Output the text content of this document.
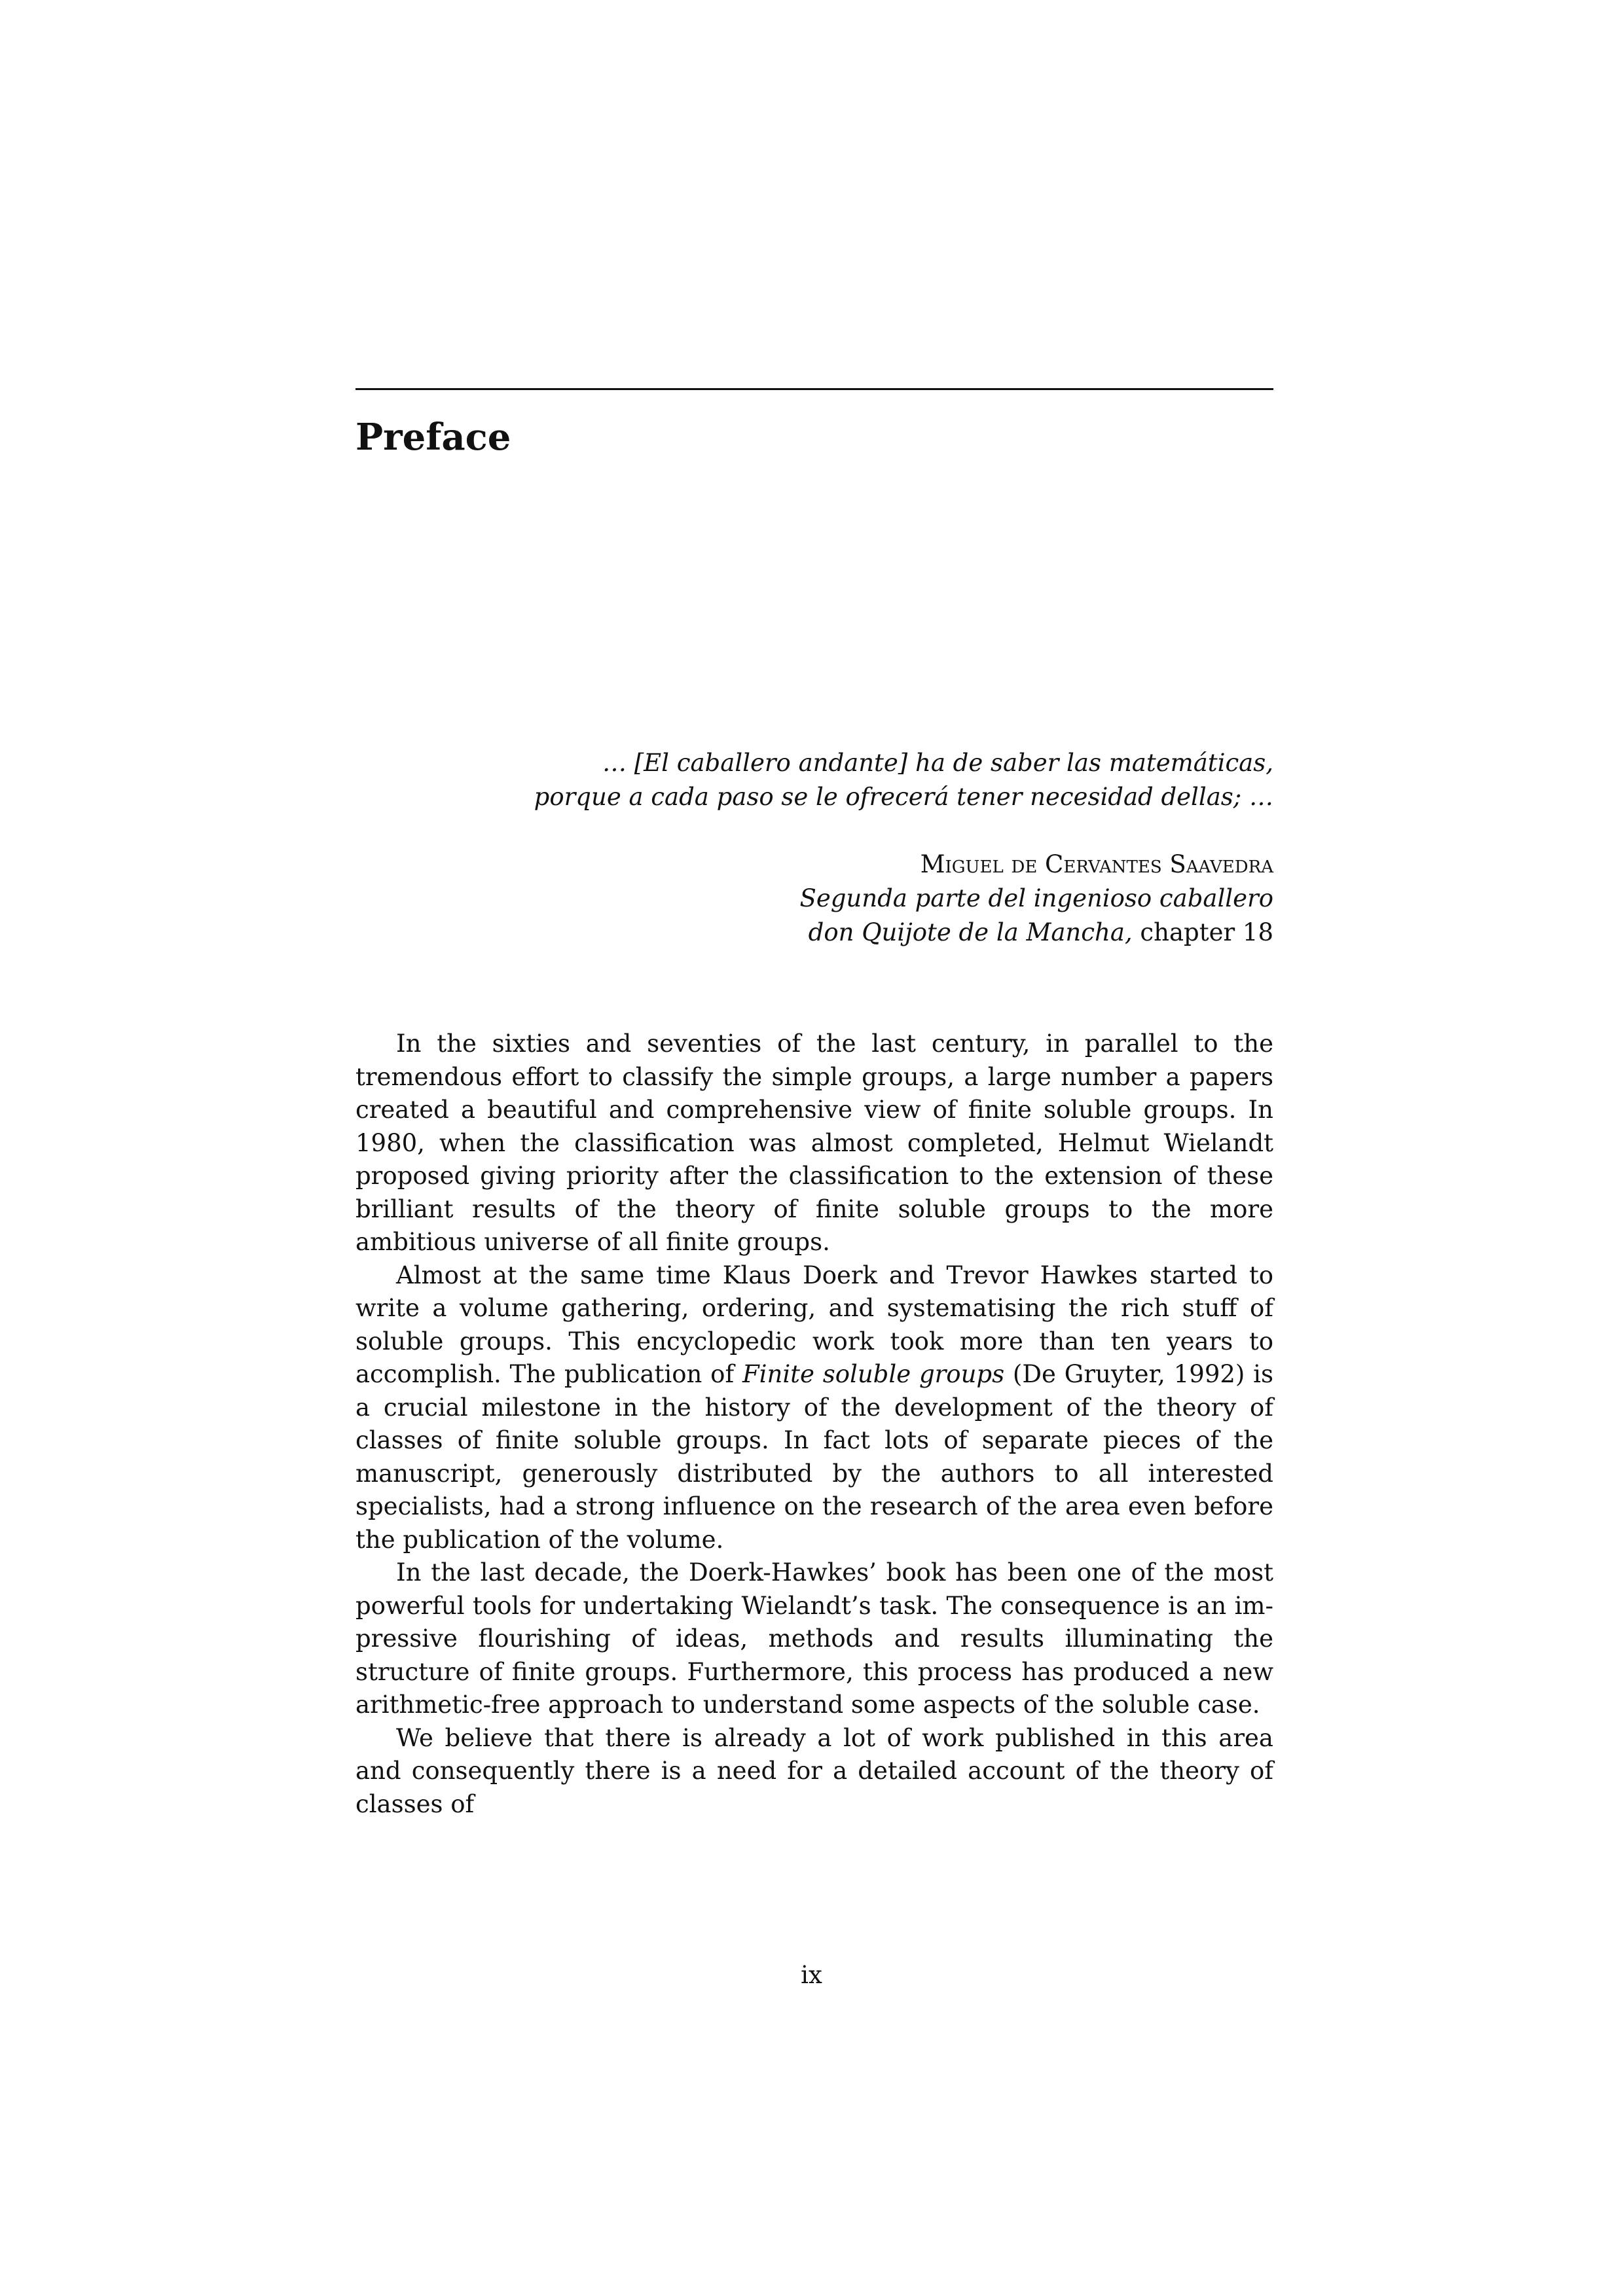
Preface
… [El caballero andante] ha de saber las matemáticas,
porque a cada paso se le ofrecerá tener necesidad dellas; …
Miguel de Cervantes Saavedra
Segunda parte del ingenioso caballero
don Quijote de la Mancha, chapter 18

In the sixties and seventies of the last century, in parallel to the tremendous effort to classify the simple groups, a large number a papers created a beautiful and comprehensive view of finite soluble groups. In 1980, when the classification was almost completed, Helmut Wielandt proposed giving priority after the classification to the extension of these brilliant results of the theory of finite soluble groups to the more ambitious universe of all finite groups.

Almost at the same time Klaus Doerk and Trevor Hawkes started to write a volume gathering, ordering, and systematising the rich stuff of soluble groups. This encyclopedic work took more than ten years to accomplish. The publication of Finite soluble groups (De Gruyter, 1992) is a crucial milestone in the history of the development of the theory of classes of finite soluble groups. In fact lots of separate pieces of the manuscript, generously distributed by the authors to all interested specialists, had a strong influence on the research of the area even before the publication of the volume.

In the last decade, the Doerk-Hawkes’ book has been one of the most powerful tools for undertaking Wielandt’s task. The consequence is an impressive flourishing of ideas, methods and results illuminating the structure of finite groups. Furthermore, this process has produced a new arithmetic-free approach to understand some aspects of the soluble case.

We believe that there is already a lot of work published in this area and consequently there is a need for a detailed account of the theory of classes of

ix
